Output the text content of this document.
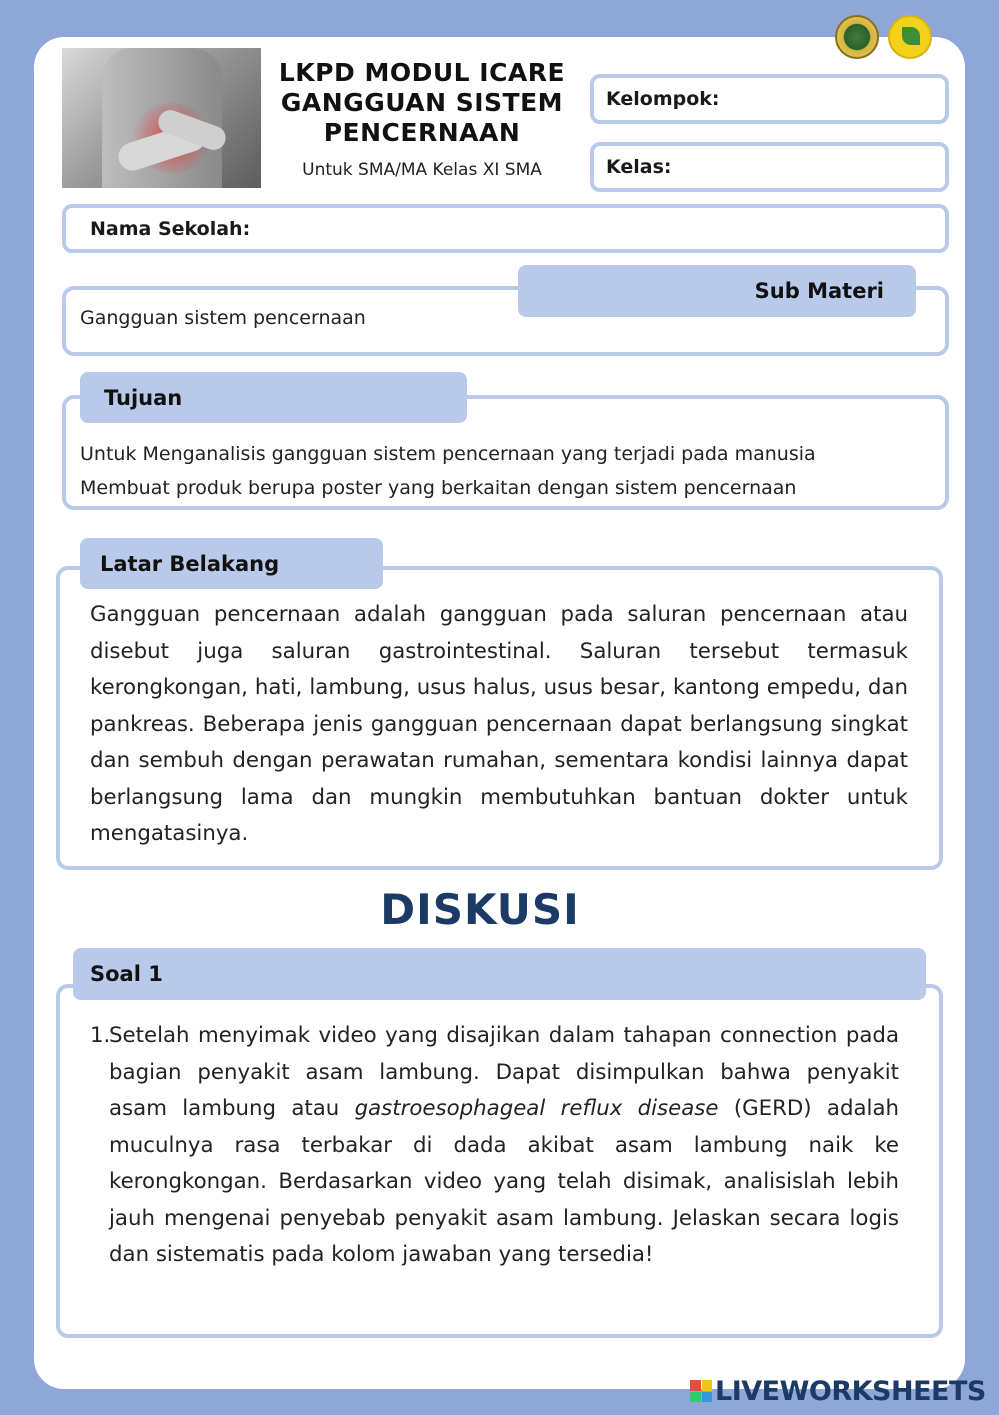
LKPD MODUL ICARE GANGGUAN SISTEM PENCERNAAN
Untuk SMA/MA Kelas XI SMA
Kelompok:
Kelas:
Nama Sekolah:
Sub Materi
Gangguan sistem pencernaan
Tujuan
Untuk Menganalisis gangguan sistem pencernaan yang terjadi pada manusia
Membuat produk berupa poster yang berkaitan dengan sistem pencernaan
Latar Belakang
Gangguan pencernaan adalah gangguan pada saluran pencernaan atau disebut juga saluran gastrointestinal. Saluran tersebut termasuk kerongkongan, hati, lambung, usus halus, usus besar, kantong empedu, dan pankreas. Beberapa jenis gangguan pencernaan dapat berlangsung singkat dan sembuh dengan perawatan rumahan, sementara kondisi lainnya dapat berlangsung lama dan mungkin membutuhkan bantuan dokter untuk mengatasinya.
DISKUSI
Soal 1
1.
Setelah menyimak video yang disajikan dalam tahapan connection pada bagian penyakit asam lambung. Dapat disimpulkan bahwa penyakit asam lambung atau gastroesophageal reflux disease (GERD) adalah muculnya rasa terbakar di dada akibat asam lambung naik ke kerongkongan. Berdasarkan video yang telah disimak, analisislah lebih jauh mengenai penyebab penyakit asam lambung. Jelaskan secara logis dan sistematis pada kolom jawaban yang tersedia!
LIVEWORKSHEETS
